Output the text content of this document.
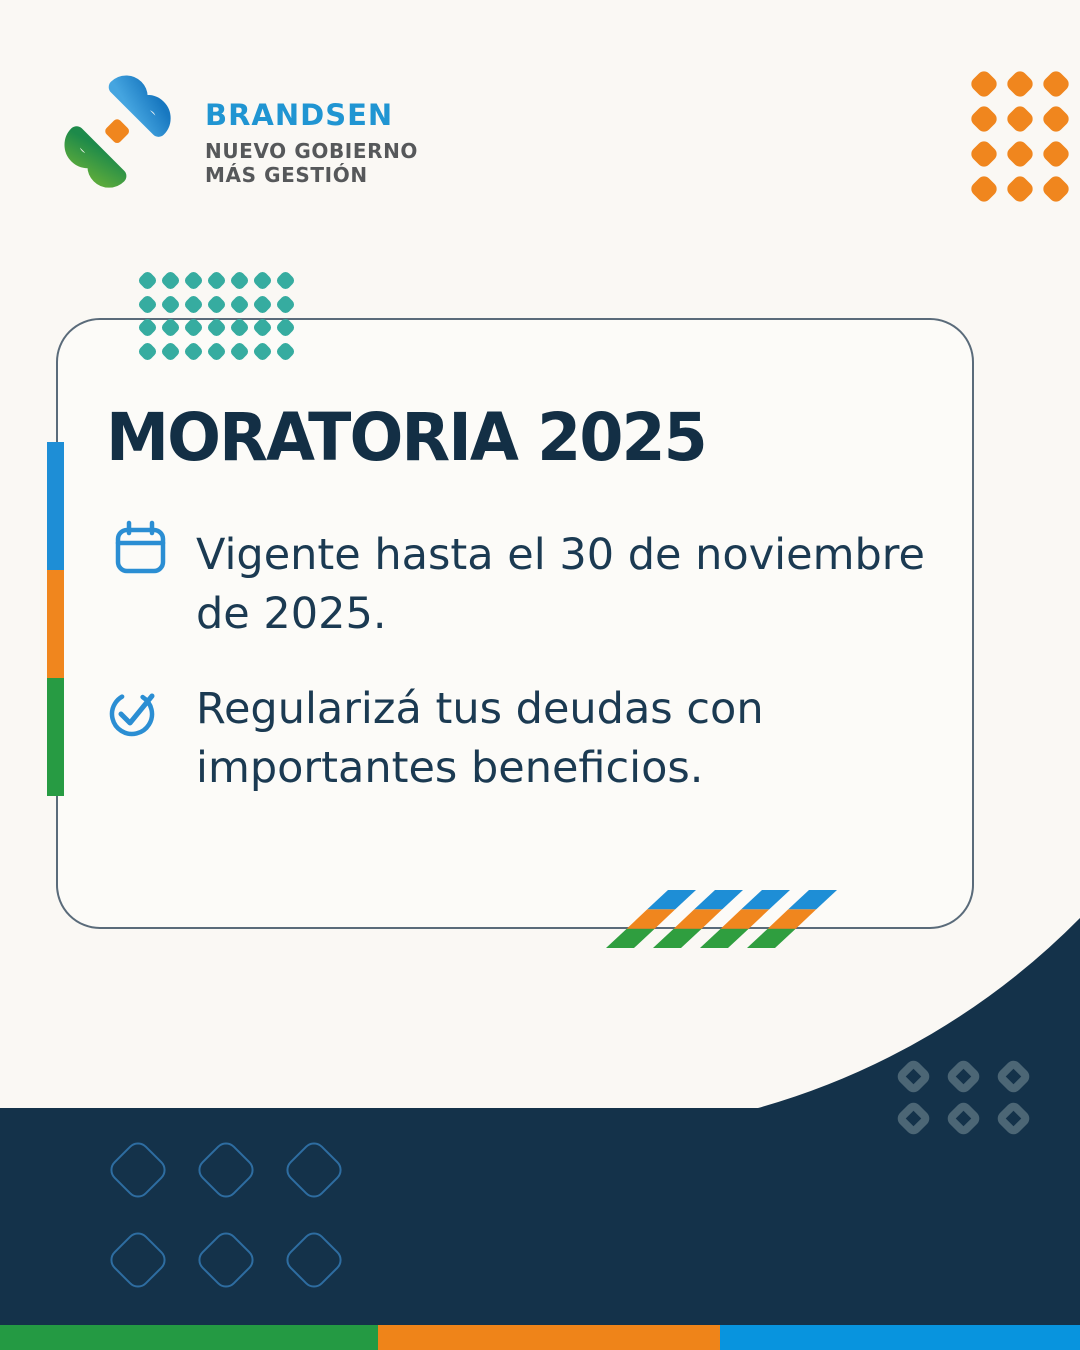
BRANDSEN
NUEVO GOBIERNO
MÁS GESTIÓN
MORATORIA 2025
Vigente hasta el 30 de noviembre
de 2025.
Regularizá tus deudas con
importantes beneficios.
